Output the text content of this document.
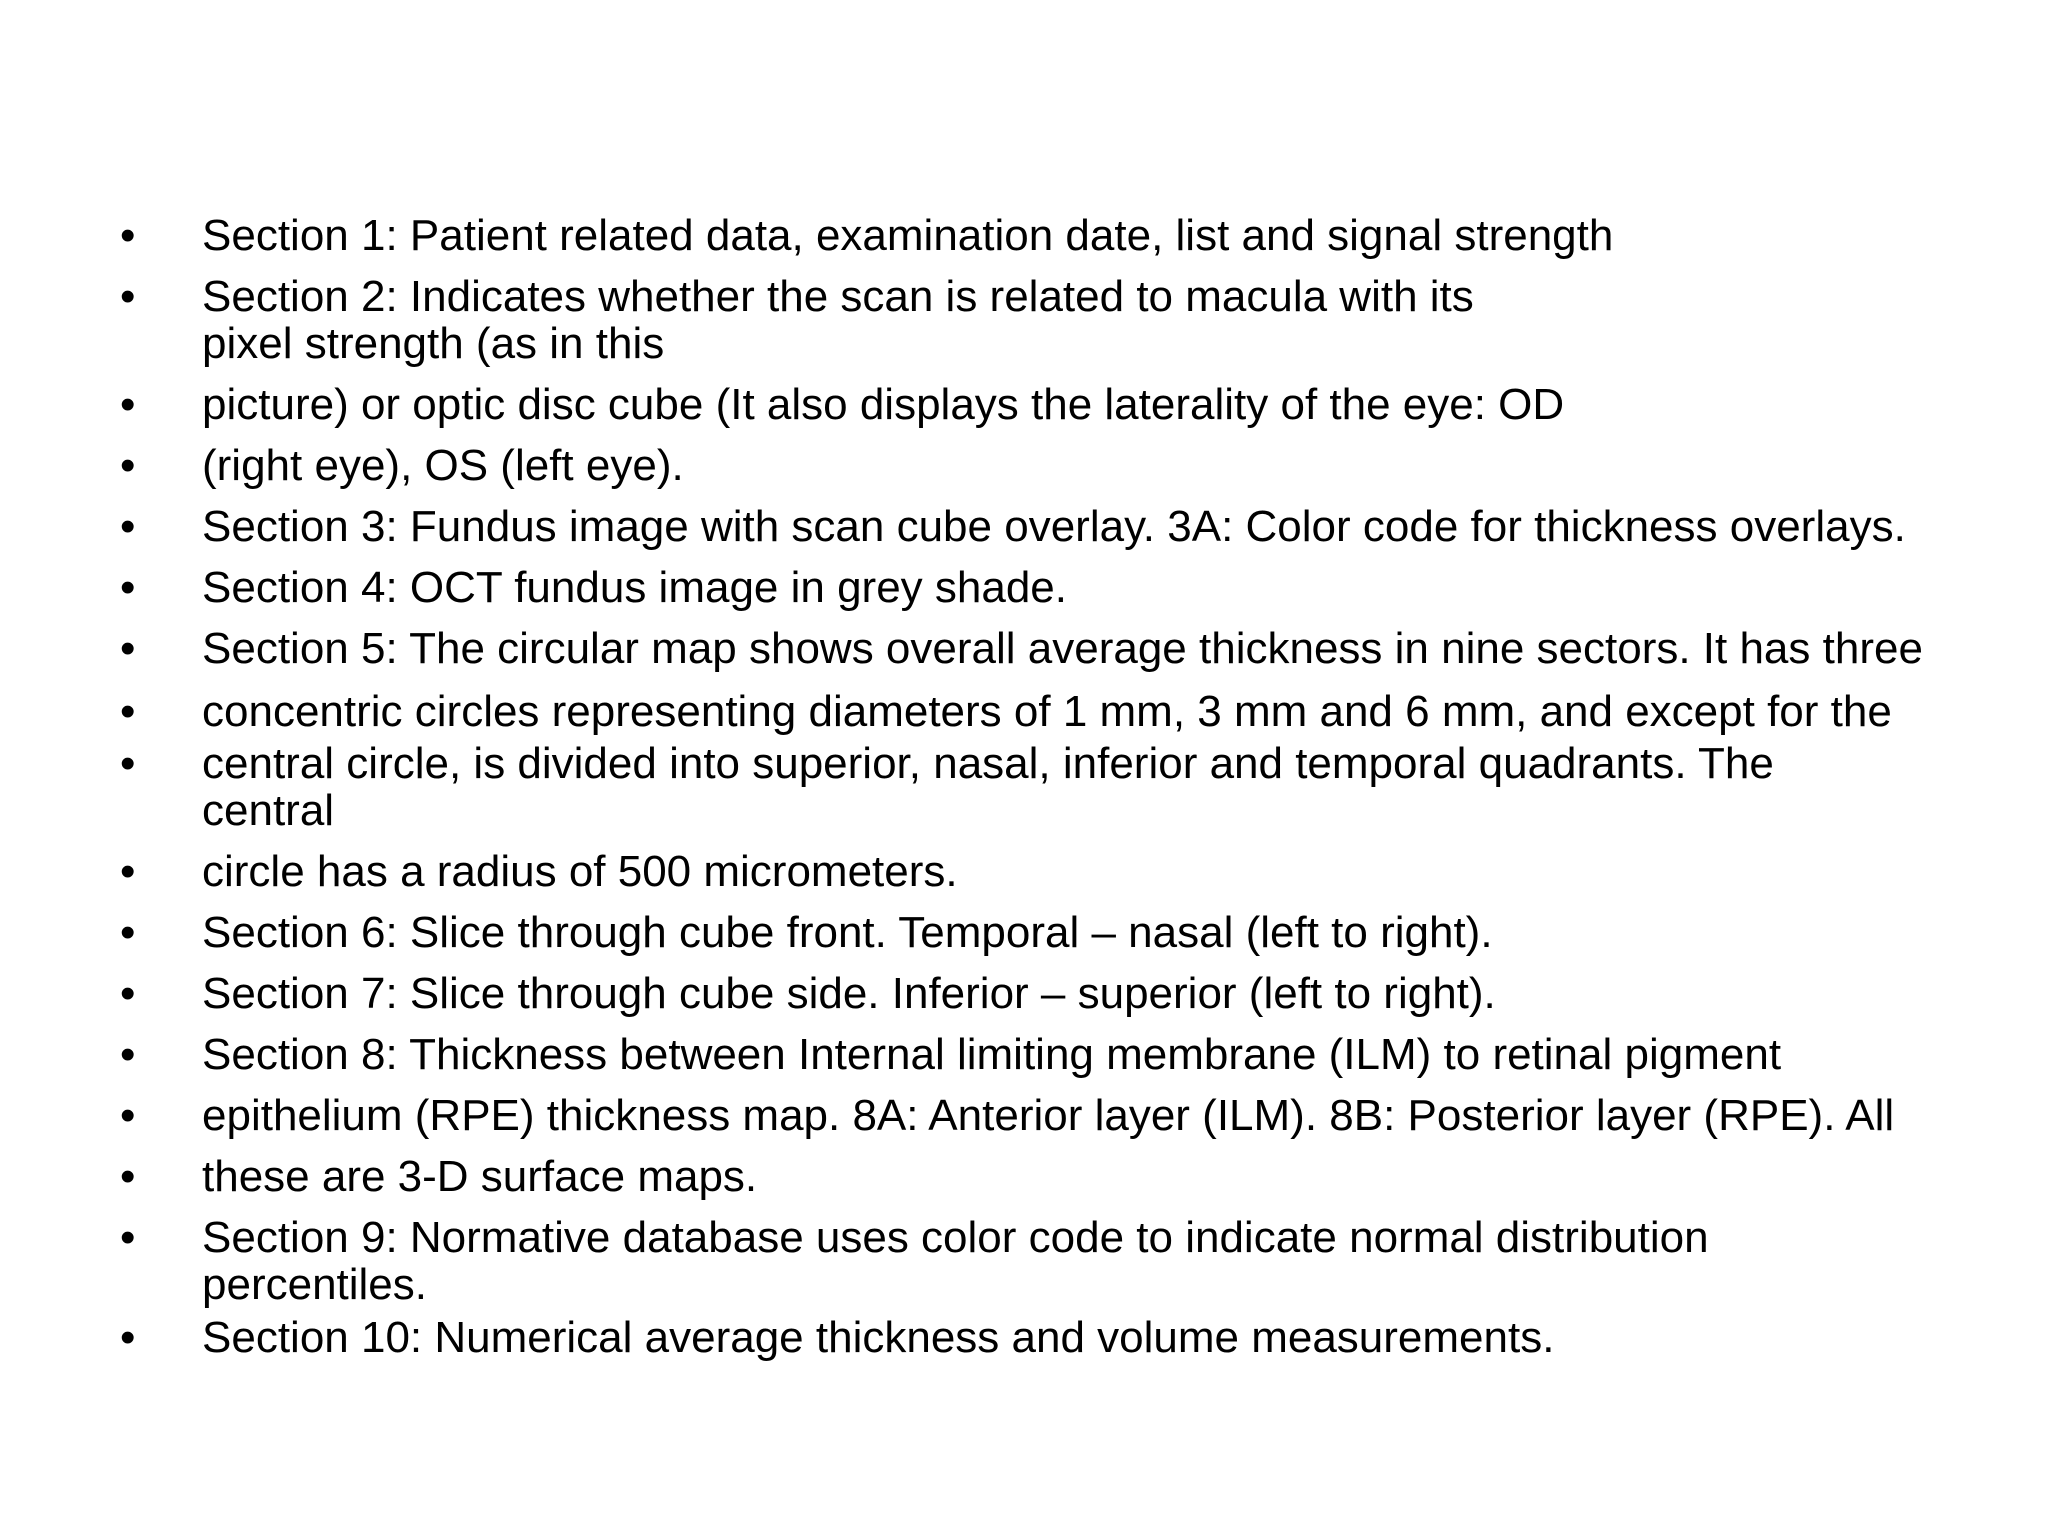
•	Section 1: Patient related data, examination date, list and signal strength
•	Section 2: Indicates whether the scan is related to macula with its pixel strength (as in this
•	picture) or optic disc cube (It also displays the laterality of the eye: OD
•	(right eye), OS (left eye).
•	Section 3: Fundus image with scan cube overlay. 3A: Color code for thickness overlays.
•	Section 4: OCT fundus image in grey shade.
•	Section 5: The circular map shows overall average thickness in nine sectors. It has three
•	concentric circles representing diameters of 1 mm, 3 mm and 6 mm, and except for the
•	central circle, is divided into superior, nasal, inferior and temporal quadrants. The central
•	circle has a radius of 500 micrometers.
•	Section 6: Slice through cube front. Temporal – nasal (left to right).
•	Section 7: Slice through cube side. Inferior – superior (left to right).
•	Section 8: Thickness between Internal limiting membrane (ILM) to retinal pigment
•	epithelium (RPE) thickness map. 8A: Anterior layer (ILM). 8B: Posterior layer (RPE). All
•	these are 3-D surface maps.
•	Section 9: Normative database uses color code to indicate normal distribution percentiles.
•	Section 10: Numerical average thickness and volume measurements.
